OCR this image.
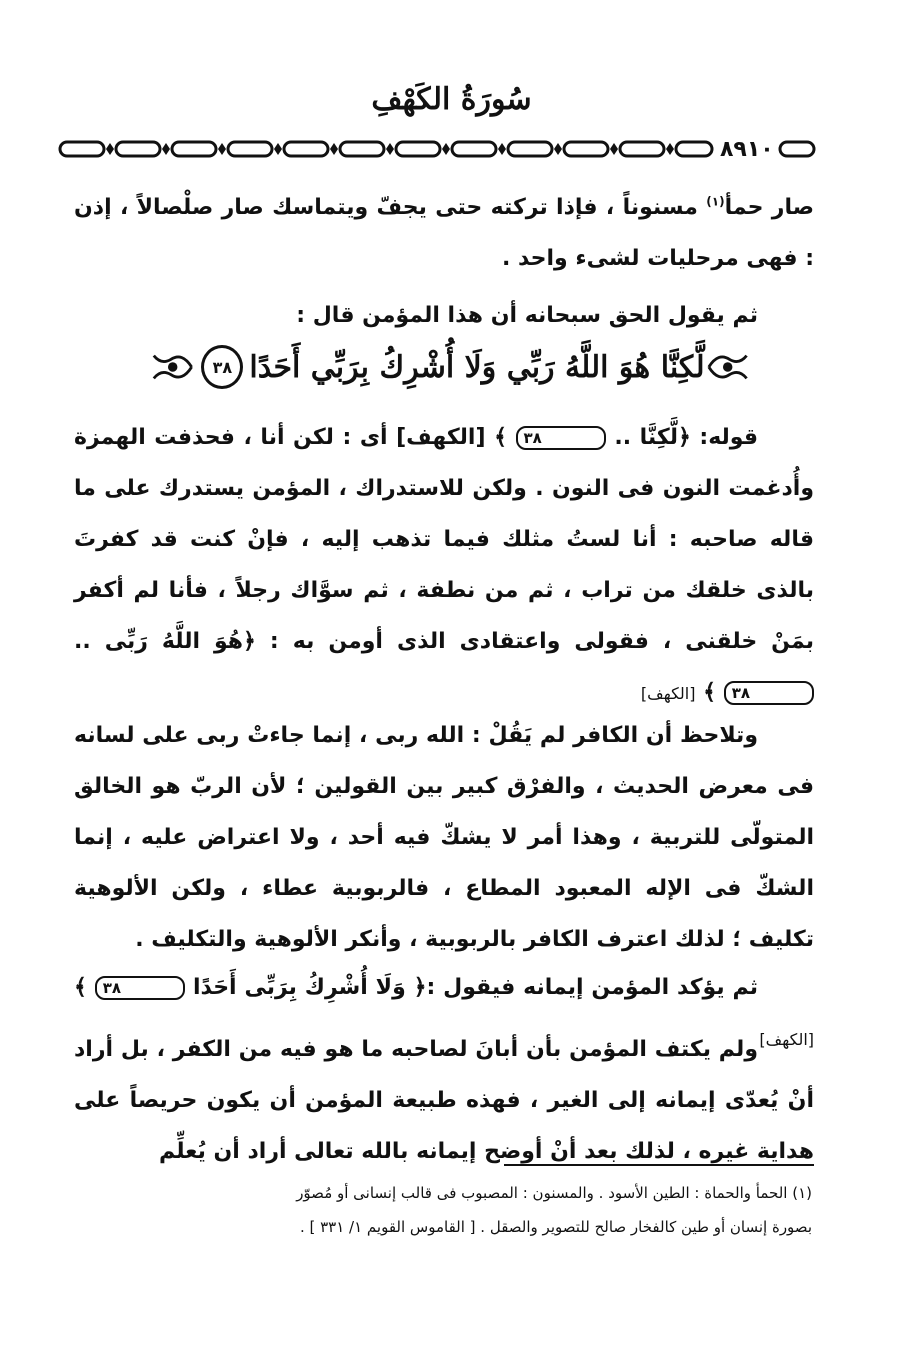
سُورَةُ الكَهْفِ
٨٩١٠

صار حمأ$^{(١)}$ مسنوناً ، فإذا تركته حتى يجفّ ويتماسك صار صلْصالاً ، إذن : فهى مرحليات لشىء واحد .

ثم يقول الحق سبحانه أن هذا المؤمن قال :

لَّكِنَّا هُوَ اللَّهُ رَبِّي وَلَا أُشْرِكُ بِرَبِّي أَحَدًا
٣٨

قوله: ﴿لَّكِنَّا .. ٣٨ ﴾ [الكهف] أى : لكن أنا ، فحذفت الهمزة وأُدغمت النون فى النون . ولكن للاستدراك ، المؤمن يستدرك على ما قاله صاحبه : أنا لستُ مثلك فيما تذهب إليه ، فإنْ كنت قد كفرتَ بالذى خلقك من تراب ، ثم من نطفة ، ثم سوَّاك رجلاً ، فأنا لم أكفر بمَنْ خلقنى ، فقولى واعتقادى الذى أومن به : ﴿هُوَ اللَّهُ رَبِّى .. ٣٨ ﴾ [الكهف]

وتلاحظ أن الكافر لم يَقُلْ : الله ربى ، إنما جاءتْ ربى على لسانه فى معرض الحديث ، والفرْق كبير بين القولين ؛ لأن الربّ هو الخالق المتولّى للتربية ، وهذا أمر لا يشكّ فيه أحد ، ولا اعتراض عليه ، إنما الشكّ فى الإله المعبود المطاع ، فالربوبية عطاء ، ولكن الألوهية تكليف ؛ لذلك اعترف الكافر بالربوبية ، وأنكر الألوهية والتكليف .

ثم يؤكد المؤمن إيمانه فيقول :﴿ وَلَا أُشْرِكُ بِرَبِّى أَحَدًا ٣٨ ﴾[الكهف]

ولم يكتف المؤمن بأن أبانَ لصاحبه ما هو فيه من الكفر ، بل أراد أنْ يُعدّى إيمانه إلى الغير ، فهذه طبيعة المؤمن أن يكون حريصاً على هداية غيره ، لذلك بعد أنْ أوضح إيمانه بالله تعالى أراد أن يُعلِّم

(١) الحمأ والحماة : الطين الأسود . والمسنون : المصبوب فى قالب إنسانى أو مُصوّر

بصورة إنسان أو طين كالفخار صالح للتصوير والصقل . [ القاموس القويم ١/ ٣٣١ ] .
